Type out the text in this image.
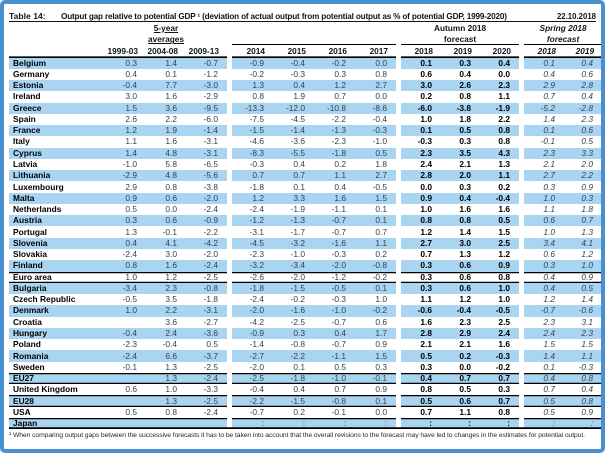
Table 14:	Output gap relative to potential GDP ¹ (deviation of actual output from potential output as % of potential GDP, 1999-2020)	22.10.2018
	5-year									Autumn 2018				Spring 2018	
	averages									forecast				forecast	
	1999-03	2004-08	2009-13		2014	2015	2016	2017		2018	2019	2020		2018	2019
Belgium	0.3	1.4	-0.7		-0.9	-0.4	-0.2	0.0		0.1	0.3	0.4		0.1	0.4
Germany	0.4	0.1	-1.2		-0.2	-0.3	0.3	0.8		0.6	0.4	0.0		0.4	0.6
Estonia	-0.4	7.7	-3.0		1.3	0.4	1.2	2.7		3.0	2.6	2.3		2.9	2.8
Ireland	3.0	1.6	-2.9		0.8	1.9	0.7	0.0		0.2	0.8	1.1		0.7	0.4
Greece	1.5	3.6	-9.5		-13.3	-12.0	-10.8	-8.6		-6.0	-3.8	-1.9		-5.2	-2.8
Spain	2.6	2.2	-6.0		-7.5	-4.5	-2.2	-0.4		1.0	1.8	2.2		1.4	2.3
France	1.2	1.9	-1.4		-1.5	-1.4	-1.3	-0.3		0.1	0.5	0.8		0.1	0.6
Italy	1.1	1.6	-3.1		-4.6	-3.6	-2.3	-1.0		-0.3	0.3	0.8		-0.1	0.5
Cyprus	1.4	4.8	-3.1		-8.3	-5.5	-1.8	0.5		2.3	3.5	4.3		2.3	3.3
Latvia	-1.0	5.8	-6.5		-0.3	0.4	0.2	1.8		2.4	2.1	1.3		2.1	2.0
Lithuania	-2.9	4.8	-5.6		0.7	0.7	1.1	2.7		2.8	2.0	1.1		2.7	2.2
Luxembourg	2.9	0.8	-3.8		-1.8	0.1	0.4	-0.5		0.0	0.3	0.2		0.3	0.9
Malta	0.9	0.6	-2.0		1.2	3.3	1.6	1.5		0.9	0.4	-0.4		1.0	0.3
Netherlands	0.5	0.0	-2.4		-2.4	-1.9	-1.1	0.1		1.0	1.6	1.6		1.1	1.8
Austria	0.3	0.6	-0.9		-1.2	-1.3	-0.7	0.1		0.8	0.8	0.5		0.6	0.7
Portugal	1.3	-0.1	-2.2		-3.1	-1.7	-0.7	0.7		1.2	1.4	1.5		1.0	1.3
Slovenia	0.4	4.1	-4.2		-4.5	-3.2	-1.6	1.1		2.7	3.0	2.5		3.4	4.1
Slovakia	-2.4	3.0	-2.0		-2.3	-1.0	-0.3	0.2		0.7	1.3	1.2		0.6	1.2
Finland	0.8	1.6	-2.4		-3.2	-3.4	-2.0	-0.8		0.3	0.6	0.9		0.3	1.0
Euro area	1.0	1.2	-2.5		-2.6	-2.0	-1.2	-0.2		0.3	0.6	0.8		0.4	0.9
Bulgaria	-3.4	2.3	-0.8		-1.8	-1.5	-0.5	0.1		0.3	0.6	1.0		0.4	0.5
Czech Republic	-0.5	3.5	-1.8		-2.4	-0.2	-0.3	1.0		1.1	1.2	1.0		1.2	1.4
Denmark	1.0	2.2	-3.1		-2.0	-1.6	-1.0	-0.2		-0.6	-0.4	-0.5		-0.7	-0.6
Croatia		3.6	-2.7		-4.2	-2.5	-0.7	0.6		1.6	2.3	2.5		2.3	3.1
Hungary	-0.4	2.4	-3.6		-0.9	0.3	0.4	1.7		2.8	2.9	2.4		2.4	2.3
Poland	-2.3	-0.4	0.5		-1.4	-0.8	-0.7	0.9		2.1	2.1	1.6		1.5	1.5
Romania	-2.4	6.6	-3.7		-2.7	-2.2	-1.1	1.5		0.5	0.2	-0.3		1.4	1.1
Sweden	-0.1	1.3	-2.5		-2.0	0.1	0.5	0.3		0.3	0.0	-0.2		0.1	-0.3
EU27		1.3	-2.4		-2.5	-1.8	-1.0	-0.1		0.4	0.7	0.7		0.4	0.8
United Kingdom	0.6	1.0	-3.3		-0.4	0.4	0.7	0.9		0.8	0.5	0.3		0.7	0.4
EU28		1.3	-2.5		-2.2	-1.5	-0.8	0.1		0.5	0.6	0.7		0.5	0.8
USA	0.5	0.8	-2.4		-0.7	0.2	-0.1	0.0		0.7	1.1	0.8		0.5	0.9
Japan					:	:	:	:		:	:	:		:	:
¹ When comparing output gaps between the successive forecasts it has to be taken into account that the overall revisions to the forecast may have led to changes in the estimates for potential output.
